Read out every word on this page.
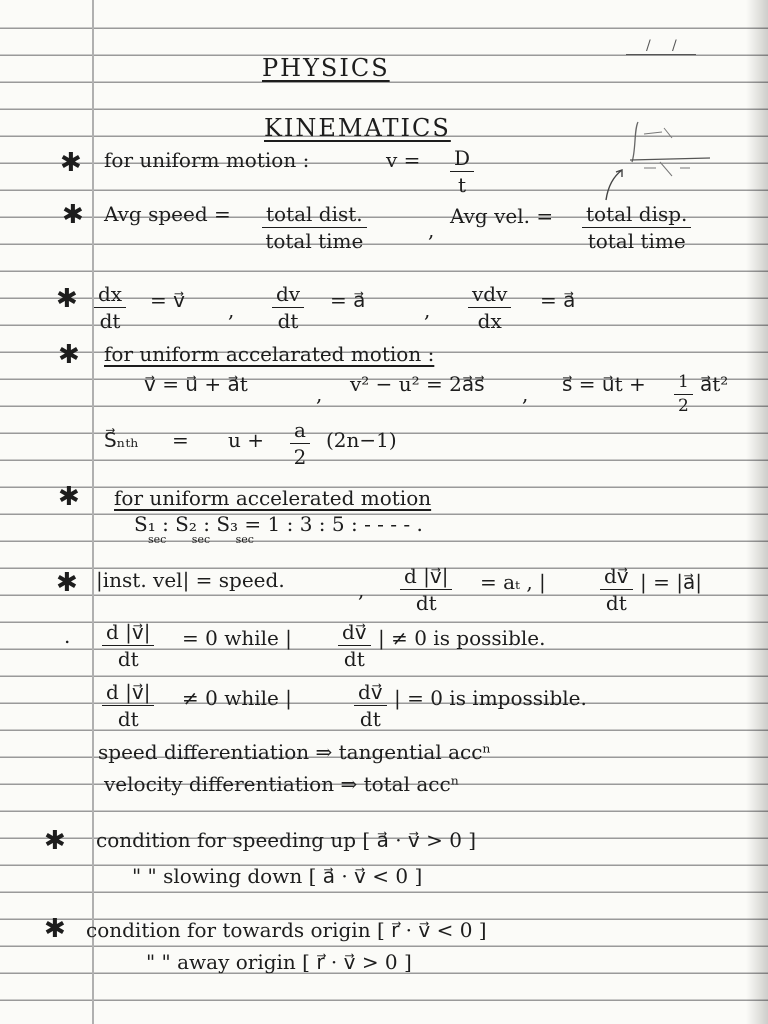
/ /
PHYSICS
KINEMATICS
✱ for uniform motion :	$v = \frac{D}{t}$
✱ Avg speed = total dist.
total time	,
Avg vel. = total disp.
total time
✱ $\frac{dx}{dt}$ = v⃗ , $\frac{dv}{dt}$ = a⃗	,
vdv
dx
= a⃗
✱ for uniform accelarated motion :
v⃗ = u⃗ + a⃗t	, v² − u² = 2a⃗s⃗ , s⃗ = u⃗t + $\frac{1}{2}$ a⃗t²
S⃗ₙₜₕ = $u + \frac{a}{2} (2n-1)$
✱ for uniform accelerated motion
S₁ : S₂ : S₃ = 1 : 3 : 5 : - - - - .
sec sec sec
✱ |inst. vel| = speed.	, $\frac{d |v⃗|}{dt} = a_t$ , |	$\frac{dv⃗}{dt}$ | = |a⃗|
. $\frac{d |v⃗|}{dt} = 0$ while | $\frac{dv⃗}{dt}$ | ≠ 0 is possible.
$\frac{d |v⃗|}{dt} \ne 0$ while |	$\frac{dv⃗}{dt}$ | = 0 is impossible.
speed differentiation ⇒ tangential accⁿ
velocity differentiation ⇒ total accⁿ
✱ condition for speeding up [ a⃗ · v⃗ > 0 ]
" " slowing down [ a⃗ · v⃗ < 0 ]
✱ condition for towards origin [ r⃗ · v⃗ < 0 ]
" " away origin [ r⃗ · v⃗ > 0 ]
